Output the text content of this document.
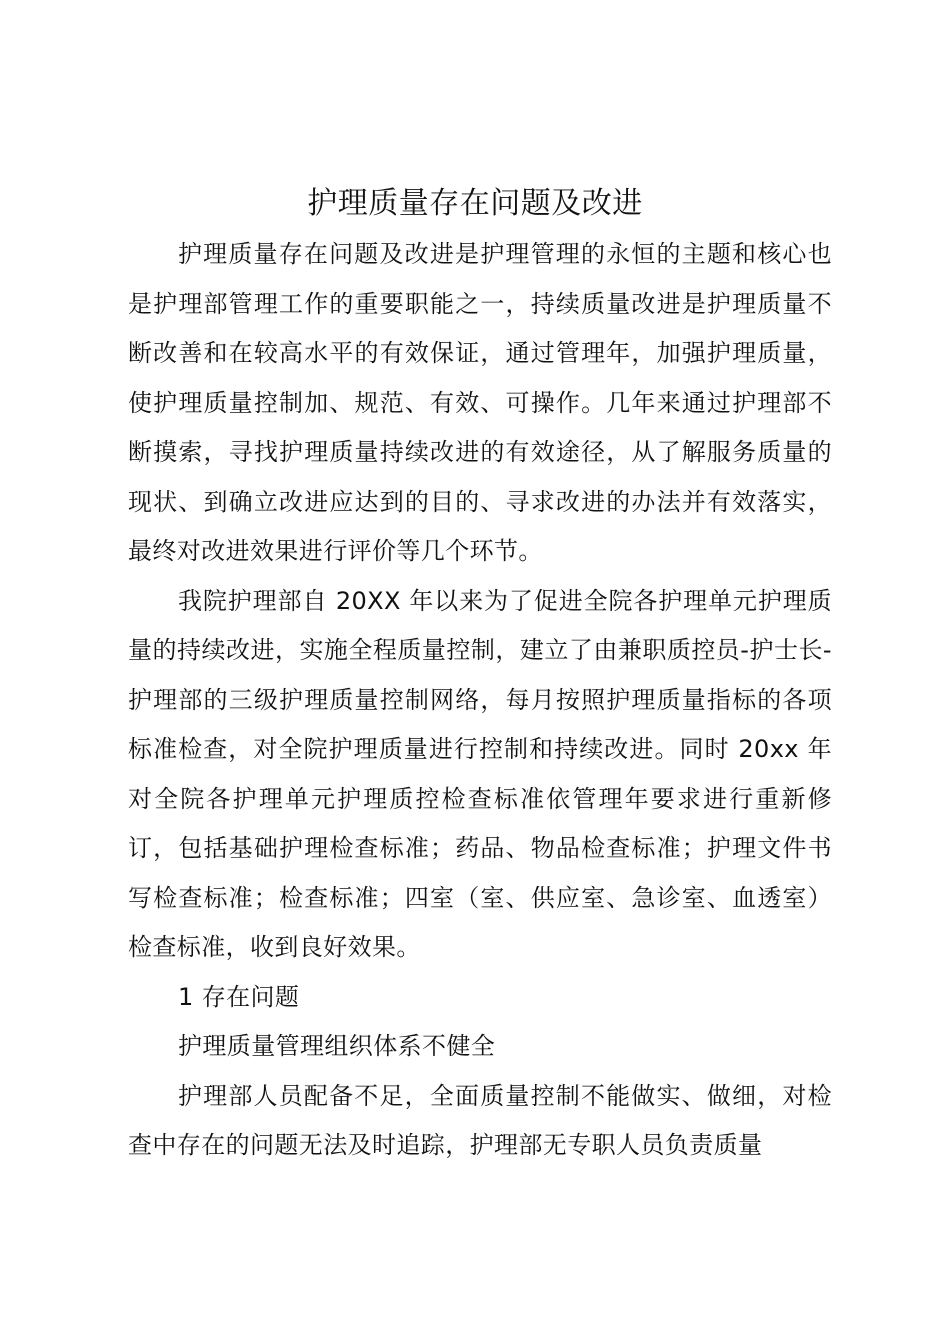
护理质量存在问题及改进

护理质量存在问题及改进是护理管理的永恒的主题和核心也是护理部管理工作的重要职能之一，持续质量改进是护理质量不断改善和在较高水平的有效保证，通过管理年，加强护理质量，使护理质量控制加、规范、有效、可操作。几年来通过护理部不断摸索，寻找护理质量持续改进的有效途径，从了解服务质量的现状、到确立改进应达到的目的、寻求改进的办法并有效落实，最终对改进效果进行评价等几个环节。

我院护理部自 20XX 年以来为了促进全院各护理单元护理质量的持续改进，实施全程质量控制，建立了由兼职质控员-护士长-护理部的三级护理质量控制网络，每月按照护理质量指标的各项标准检查，对全院护理质量进行控制和持续改进。同时 20xx 年对全院各护理单元护理质控检查标准依管理年要求进行重新修订，包括基础护理检查标准；药品、物品检查标准；护理文件书写检查标准；检查标准；四室（室、供应室、急诊室、血透室）检查标准，收到良好效果。

1 存在问题

护理质量管理组织体系不健全

护理部人员配备不足，全面质量控制不能做实、做细，对检查中存在的问题无法及时追踪，护理部无专职人员负责质量
